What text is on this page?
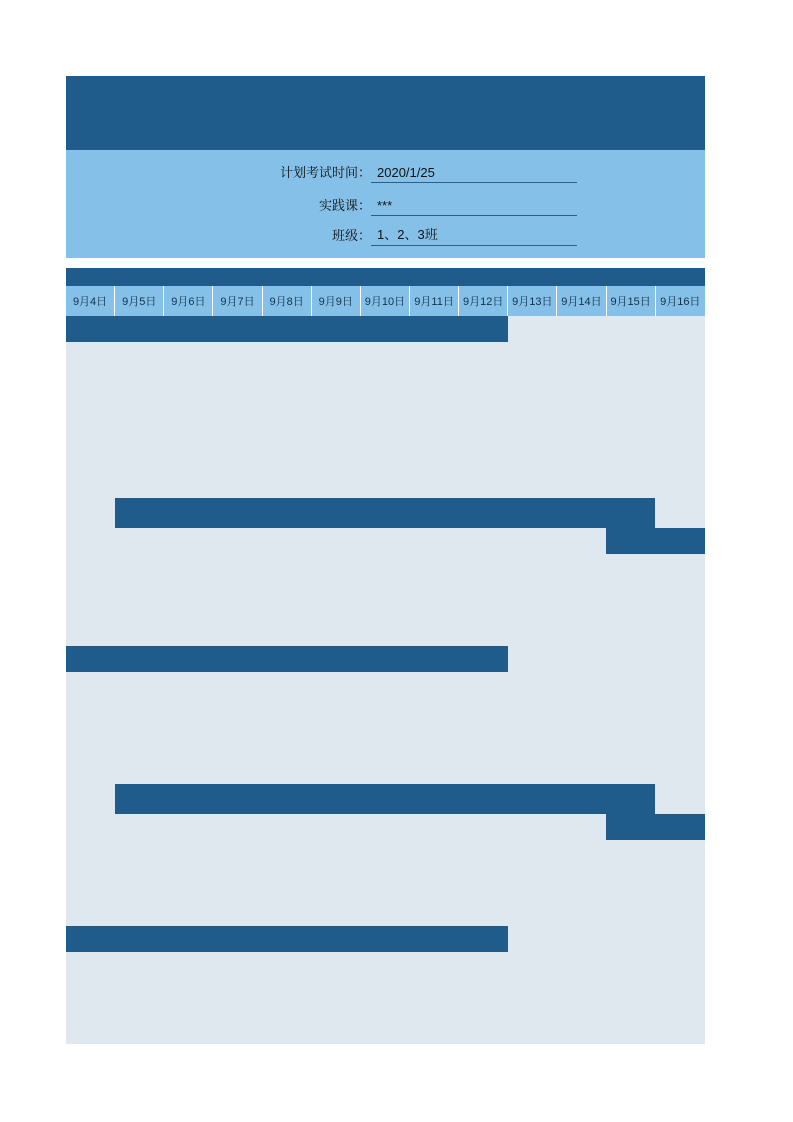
计划考试时间： 2020/1/25
实践课： ***
班级： 1、2、3班
9月4日	9月5日	9月6日	9月7日	9月8日	9月9日	9月10日 9月11日 9月12日 9月13日 9月14日 9月15日 9月16日
